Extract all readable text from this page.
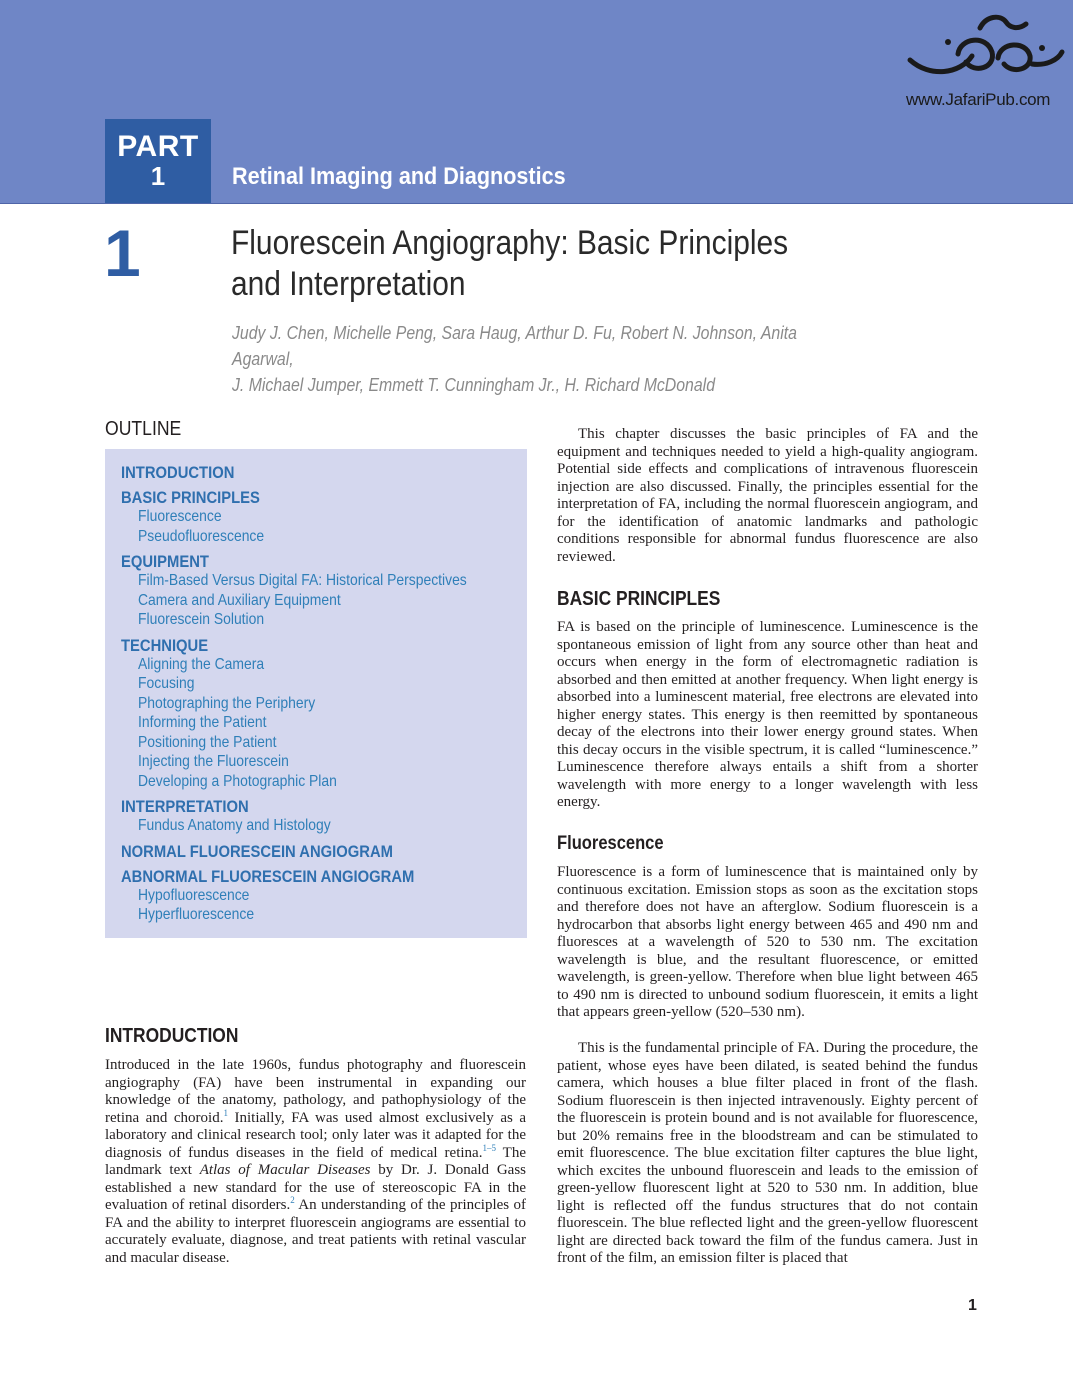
www.JafariPub.com
PART
1	Retinal Imaging and Diagnostics
1	Fluorescein Angiography: Basic Principles and Interpretation
Judy J. Chen, Michelle Peng, Sara Haug, Arthur D. Fu, Robert N. Johnson, Anita Agarwal,
J. Michael Jumper, Emmett T. Cunningham Jr., H. Richard McDonald
OUTLINE
INTRODUCTION
BASIC PRINCIPLES
Fluorescence
Pseudofluorescence
EQUIPMENT
Film-Based Versus Digital FA: Historical Perspectives
Camera and Auxiliary Equipment
Fluorescein Solution
TECHNIQUE
Aligning the Camera
Focusing
Photographing the Periphery
Informing the Patient
Positioning the Patient
Injecting the Fluorescein
Developing a Photographic Plan
INTERPRETATION
Fundus Anatomy and Histology
NORMAL FLUORESCEIN ANGIOGRAM
ABNORMAL FLUORESCEIN ANGIOGRAM
Hypofluorescence
Hyperfluorescence
INTRODUCTION

Introduced in the late 1960s, fundus photography and fluorescein angiography (FA) have been instrumental in expanding our knowledge of the anatomy, pathology, and pathophysiology of the retina and choroid.$^1$ Initially, FA was used almost exclusively as a laboratory and clinical research tool; only later was it adapted for the diagnosis of fundus diseases in the field of medical retina.$^{1-5}$ The landmark text Atlas of Macular Diseases by Dr. J. Donald Gass established a new standard for the use of stereoscopic FA in the evaluation of retinal disorders.$^2$ An understanding of the principles of FA and the ability to interpret fluorescein angiograms are essential to accurately evaluate, diagnose, and treat patients with retinal vascular and macular disease.

This chapter discusses the basic principles of FA and the equipment and techniques needed to yield a high-quality angiogram. Potential side effects and complications of intravenous fluorescein injection are also discussed. Finally, the principles essential for the interpretation of FA, including the normal fluorescein angiogram, and for the identification of anatomic landmarks and pathologic conditions responsible for abnormal fundus fluorescence are also reviewed.

BASIC PRINCIPLES

FA is based on the principle of luminescence. Luminescence is the spontaneous emission of light from any source other than heat and occurs when energy in the form of electromagnetic radiation is absorbed and then emitted at another frequency. When light energy is absorbed into a luminescent material, free electrons are elevated into higher energy states. This energy is then reemitted by spontaneous decay of the electrons into their lower energy ground states. When this decay occurs in the visible spectrum, it is called “luminescence.” Luminescence therefore always entails a shift from a shorter wavelength with more energy to a longer wavelength with less energy.

Fluorescence

Fluorescence is a form of luminescence that is maintained only by continuous excitation. Emission stops as soon as the excitation stops and therefore does not have an afterglow. Sodium fluorescein is a hydrocarbon that absorbs light energy between 465 and 490 nm and fluoresces at a wavelength of 520 to 530 nm. The excitation wavelength is blue, and the resultant fluorescence, or emitted wavelength, is green-yellow. Therefore when blue light between 465 to 490 nm is directed to unbound sodium fluorescein, it emits a light that appears green-yellow (520–530 nm).

This is the fundamental principle of FA. During the procedure, the patient, whose eyes have been dilated, is seated behind the fundus camera, which houses a blue filter placed in front of the flash. Sodium fluorescein is then injected intravenously. Eighty percent of the fluorescein is protein bound and is not available for fluorescence, but 20% remains free in the bloodstream and can be stimulated to emit fluorescence. The blue excitation filter captures the blue light, which excites the unbound fluorescein and leads to the emission of green-yellow fluorescent light at 520 to 530 nm. In addition, blue light is reflected off the fundus structures that do not contain fluorescein. The blue reflected light and the green-yellow fluorescent light are directed back toward the film of the fundus camera. Just in front of the film, an emission filter is placed that

1
